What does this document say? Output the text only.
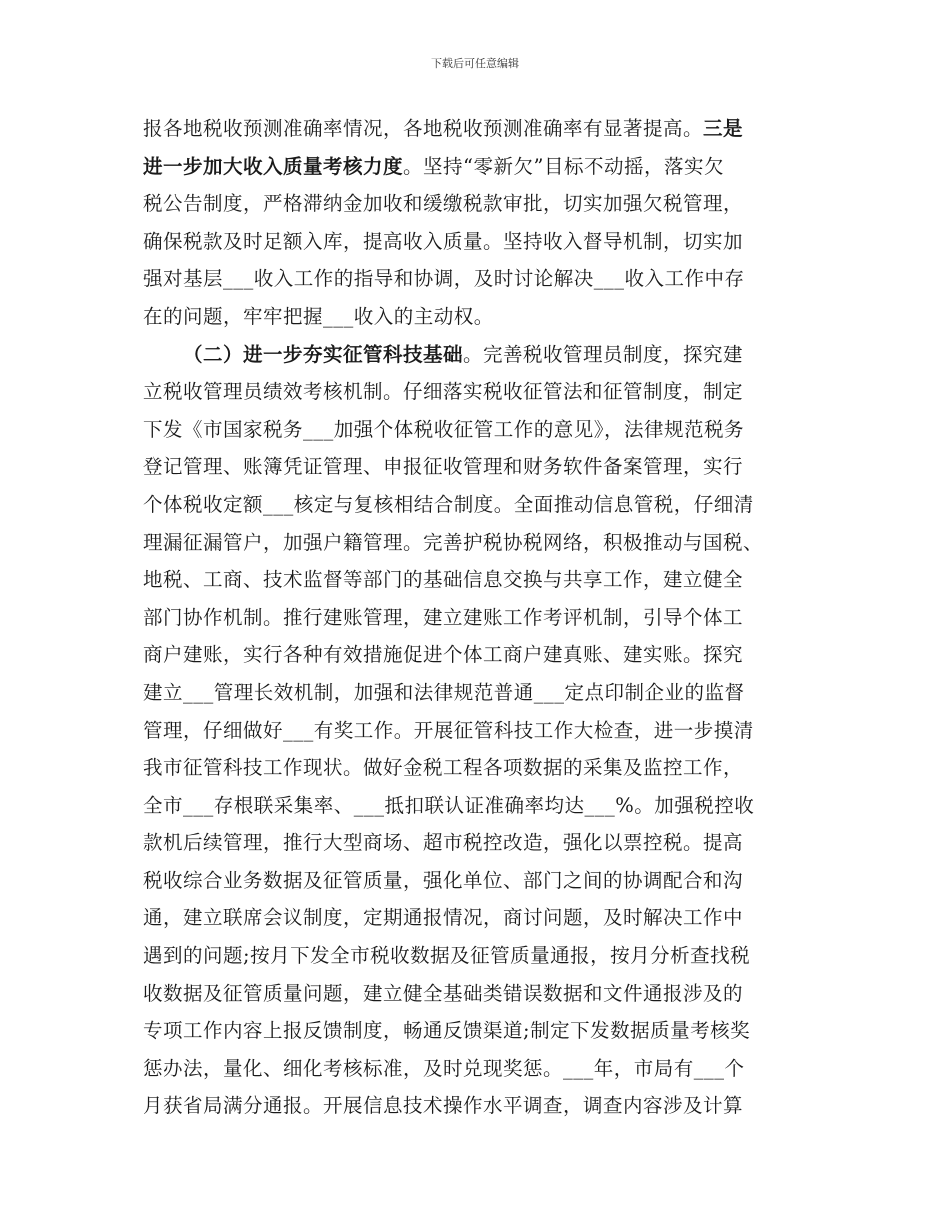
下载后可任意编辑
报各地税收预测准确率情况，各地税收预测准确率有显著提高。三是
进一步加大收入质量考核力度。坚持“零新欠”目标不动摇，落实欠
税公告制度，严格滞纳金加收和缓缴税款审批，切实加强欠税管理，
确保税款及时足额入库，提高收入质量。坚持收入督导机制，切实加
强对基层___收入工作的指导和协调，及时讨论解决___收入工作中存
在的问题，牢牢把握___收入的主动权。
（二）进一步夯实征管科技基础。完善税收管理员制度，探究建
立税收管理员绩效考核机制。仔细落实税收征管法和征管制度，制定
下发《市国家税务___加强个体税收征管工作的意见》，法律规范税务
登记管理、账簿凭证管理、申报征收管理和财务软件备案管理，实行
个体税收定额___核定与复核相结合制度。全面推动信息管税，仔细清
理漏征漏管户，加强户籍管理。完善护税协税网络，积极推动与国税、
地税、工商、技术监督等部门的基础信息交换与共享工作，建立健全
部门协作机制。推行建账管理，建立建账工作考评机制，引导个体工
商户建账，实行各种有效措施促进个体工商户建真账、建实账。探究
建立___管理长效机制，加强和法律规范普通___定点印制企业的监督
管理，仔细做好___有奖工作。开展征管科技工作大检查，进一步摸清
我市征管科技工作现状。做好金税工程各项数据的采集及监控工作，
全市___存根联采集率、___抵扣联认证准确率均达___%。加强税控收
款机后续管理，推行大型商场、超市税控改造，强化以票控税。提高
税收综合业务数据及征管质量，强化单位、部门之间的协调配合和沟
通，建立联席会议制度，定期通报情况，商讨问题，及时解决工作中
遇到的问题;按月下发全市税收数据及征管质量通报，按月分析查找税
收数据及征管质量问题，建立健全基础类错误数据和文件通报涉及的
专项工作内容上报反馈制度，畅通反馈渠道;制定下发数据质量考核奖
惩办法，量化、细化考核标准，及时兑现奖惩。___年，市局有___个
月获省局满分通报。开展信息技术操作水平调查，调查内容涉及计算
